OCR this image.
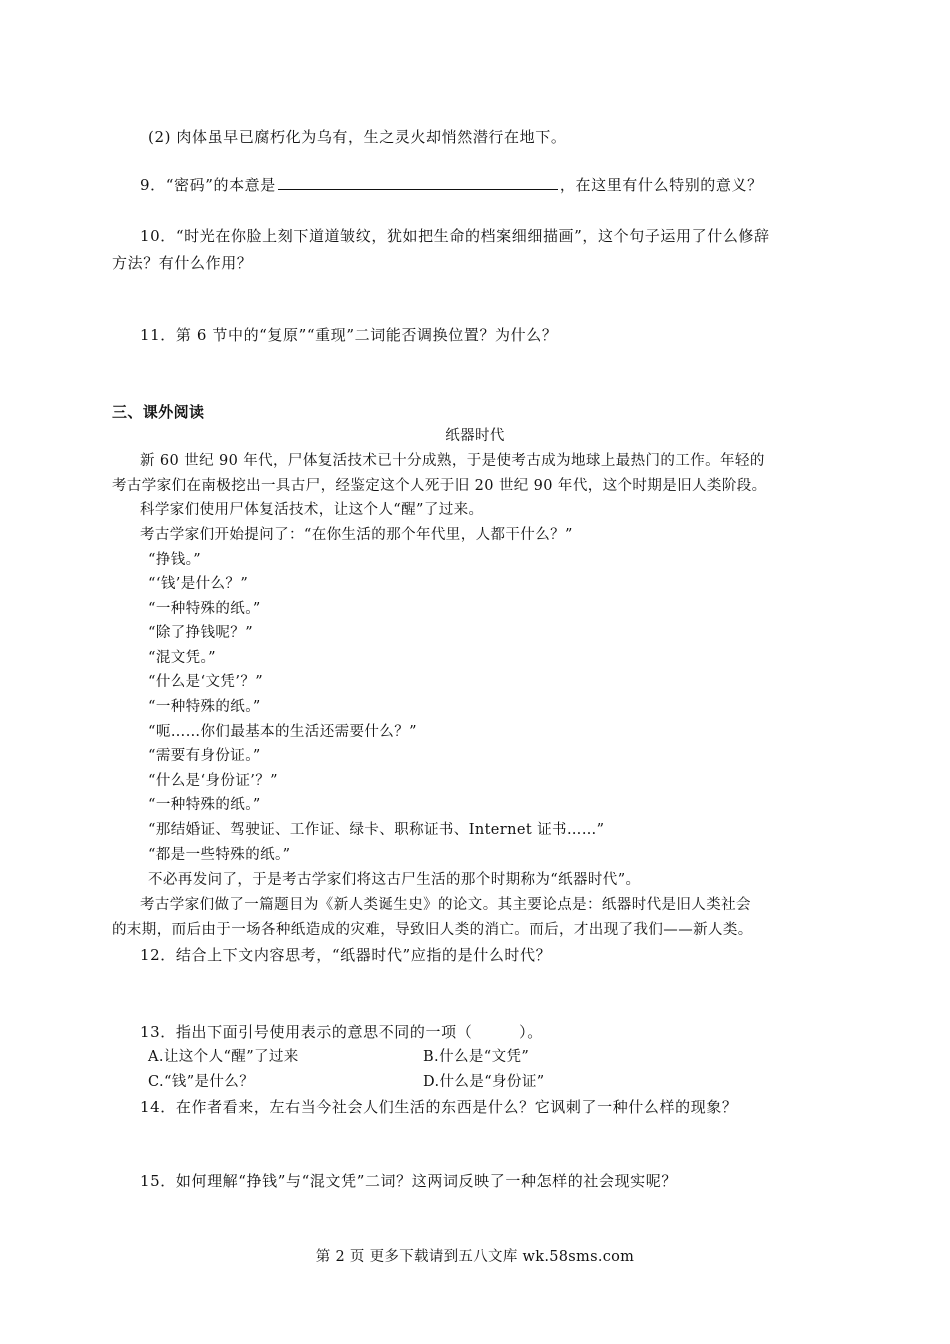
(2) 肉体虽早已腐朽化为乌有，生之灵火却悄然潜行在地下。
9．“密码”的本意是	，在这里有什么特别的意义？
10．“时光在你脸上刻下道道皱纹，犹如把生命的档案细细描画”，这个句子运用了什么修辞
方法？有什么作用？
11．第 6 节中的“复原”“重现”二词能否调换位置？为什么？
三、课外阅读
纸器时代
新 60 世纪 90 年代，尸体复活技术已十分成熟，于是使考古成为地球上最热门的工作。年轻的
考古学家们在南极挖出一具古尸，经鉴定这个人死于旧 20 世纪 90 年代，这个时期是旧人类阶段。
科学家们使用尸体复活技术，让这个人“醒”了过来。
考古学家们开始提问了：“在你生活的那个年代里，人都干什么？”
“挣钱。”
“‘钱’是什么？”
“一种特殊的纸。”
“除了挣钱呢？”
“混文凭。”
“什么是‘文凭’？”
“一种特殊的纸。”
“呃……你们最基本的生活还需要什么？”
“需要有身份证。”
“什么是‘身份证’？”
“一种特殊的纸。”
“那结婚证、驾驶证、工作证、绿卡、职称证书、Internet 证书……”
“都是一些特殊的纸。”
不必再发问了，于是考古学家们将这古尸生活的那个时期称为“纸器时代”。
考古学家们做了一篇题目为《新人类诞生史》的论文。其主要论点是：纸器时代是旧人类社会
的末期，而后由于一场各种纸造成的灾难，导致旧人类的消亡。而后，才出现了我们——新人类。
12．结合上下文内容思考，“纸器时代”应指的是什么时代？
13．指出下面引号使用表示的意思不同的一项（　　　）。
A.让这个人“醒”了过来	B.什么是“文凭”
C.“钱”是什么？	D.什么是“身份证”
14．在作者看来，左右当今社会人们生活的东西是什么？它讽刺了一种什么样的现象？
15．如何理解“挣钱”与“混文凭”二词？这两词反映了一种怎样的社会现实呢？
第 2 页 更多下载请到五八文库 wk.58sms.com
